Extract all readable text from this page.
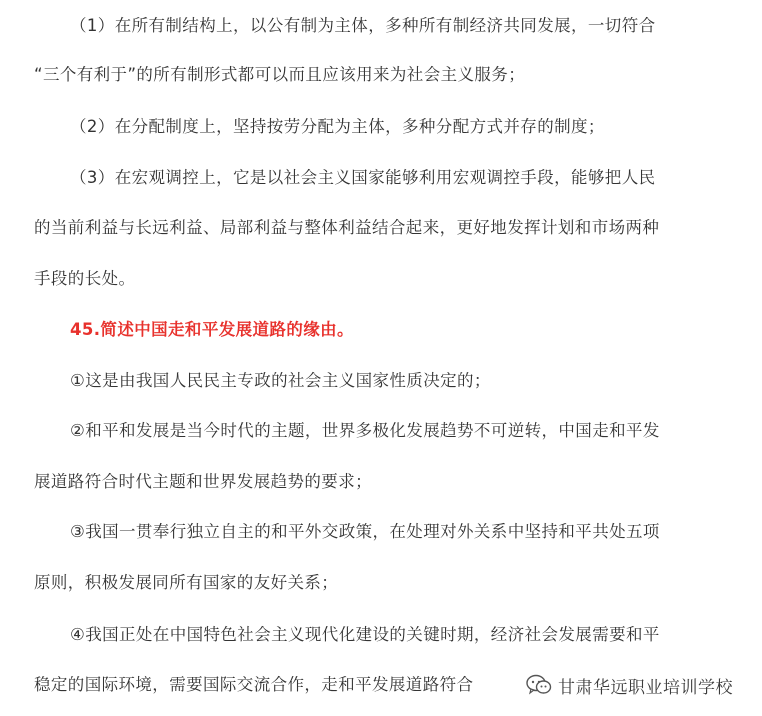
（1）在所有制结构上，以公有制为主体，多种所有制经济共同发展，一切符合
“三个有利于”的所有制形式都可以而且应该用来为社会主义服务；
（2）在分配制度上，坚持按劳分配为主体，多种分配方式并存的制度；
（3）在宏观调控上，它是以社会主义国家能够利用宏观调控手段，能够把人民
的当前利益与长远利益、局部利益与整体利益结合起来，更好地发挥计划和市场两种
手段的长处。
45.简述中国走和平发展道路的缘由。
①这是由我国人民民主专政的社会主义国家性质决定的；
②和平和发展是当今时代的主题，世界多极化发展趋势不可逆转，中国走和平发
展道路符合时代主题和世界发展趋势的要求；
③我国一贯奉行独立自主的和平外交政策，在处理对外关系中坚持和平共处五项
原则，积极发展同所有国家的友好关系；
④我国正处在中国特色社会主义现代化建设的关键时期，经济社会发展需要和平
稳定的国际环境，需要国际交流合作，走和平发展道路符合	甘肃华远职业培训学校
